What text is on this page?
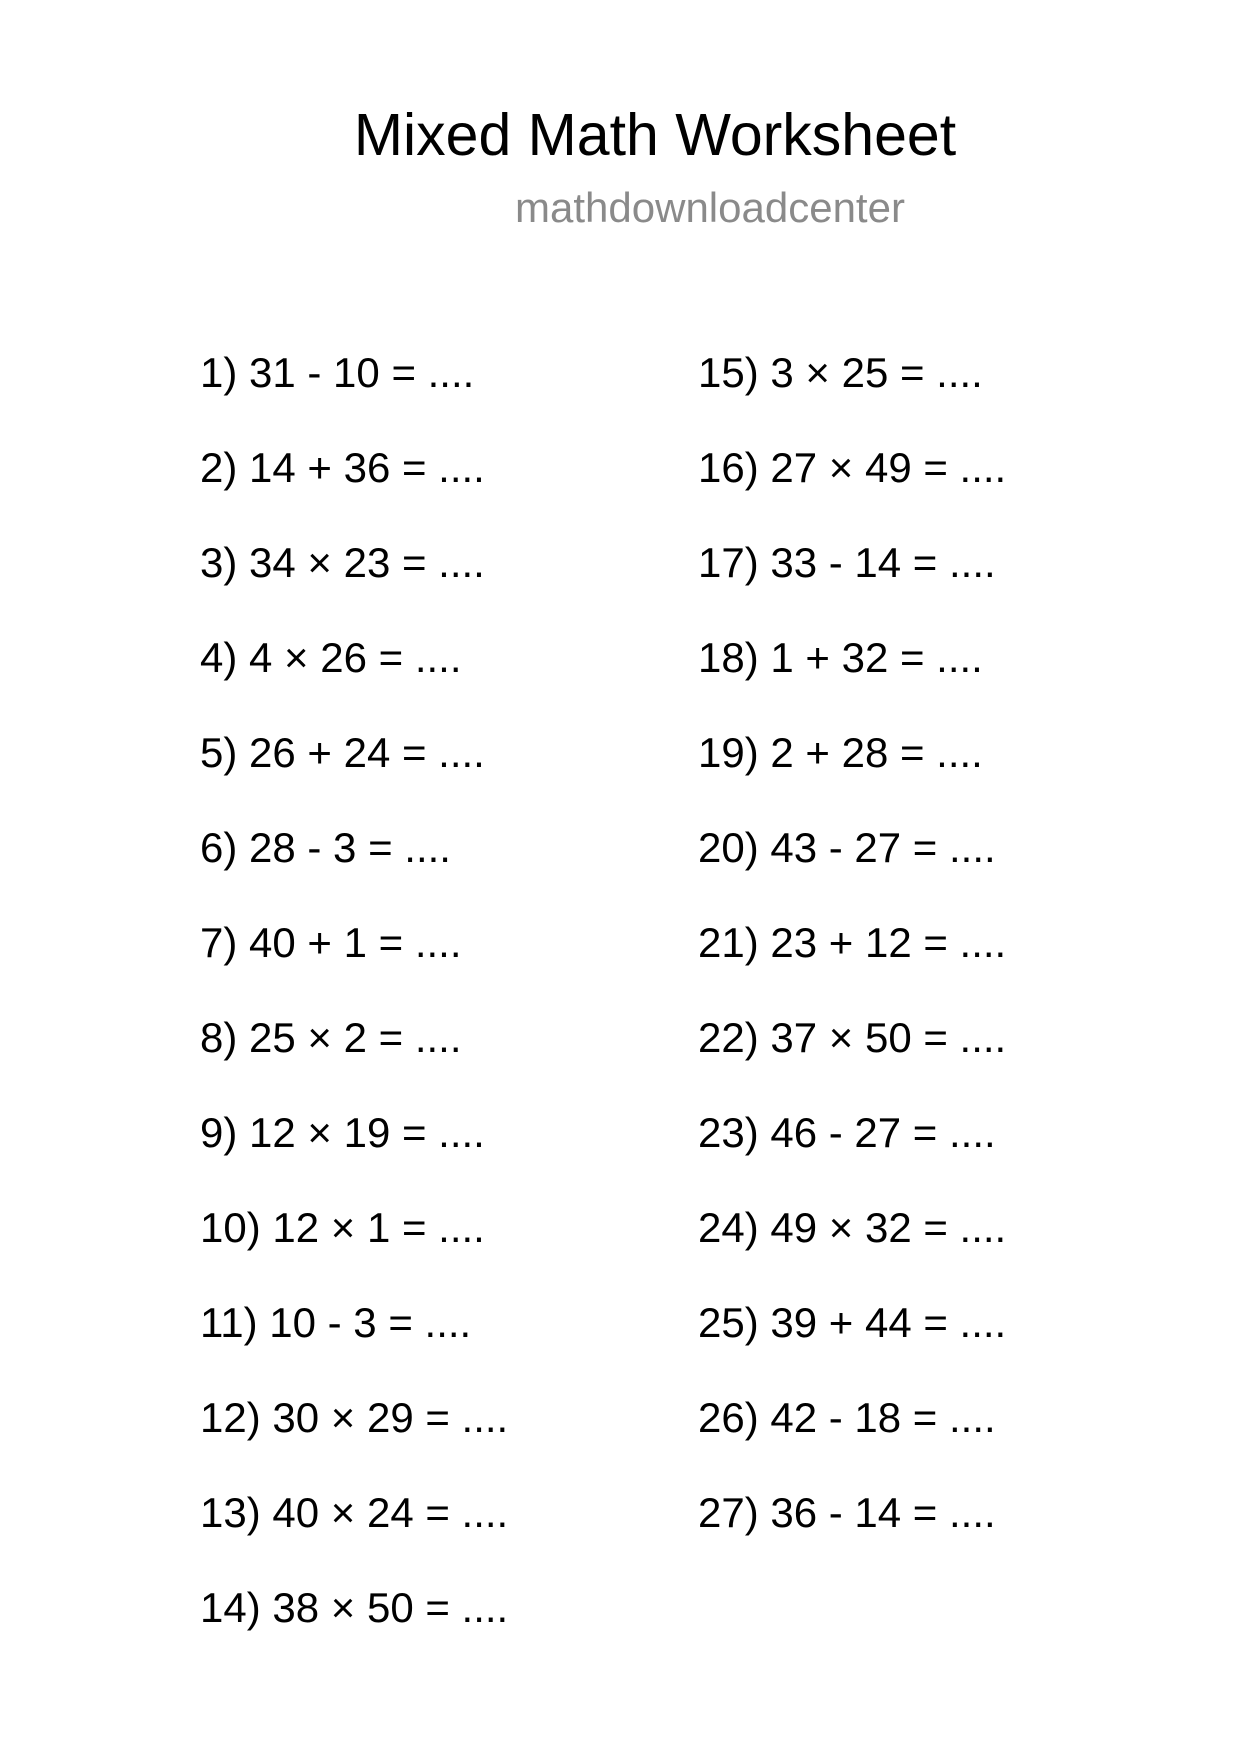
Mixed Math Worksheet
mathdownloadcenter
1) 31 - 10 = ....
2) 14 + 36 = ....
3) 34 × 23 = ....
4) 4 × 26 = ....
5) 26 + 24 = ....
6) 28 - 3 = ....
7) 40 + 1 = ....
8) 25 × 2 = ....
9) 12 × 19 = ....
10) 12 × 1 = ....
11) 10 - 3 = ....
12) 30 × 29 = ....
13) 40 × 24 = ....
14) 38 × 50 = ....
15) 3 × 25 = ....
16) 27 × 49 = ....
17) 33 - 14 = ....
18) 1 + 32 = ....
19) 2 + 28 = ....
20) 43 - 27 = ....
21) 23 + 12 = ....
22) 37 × 50 = ....
23) 46 - 27 = ....
24) 49 × 32 = ....
25) 39 + 44 = ....
26) 42 - 18 = ....
27) 36 - 14 = ....
